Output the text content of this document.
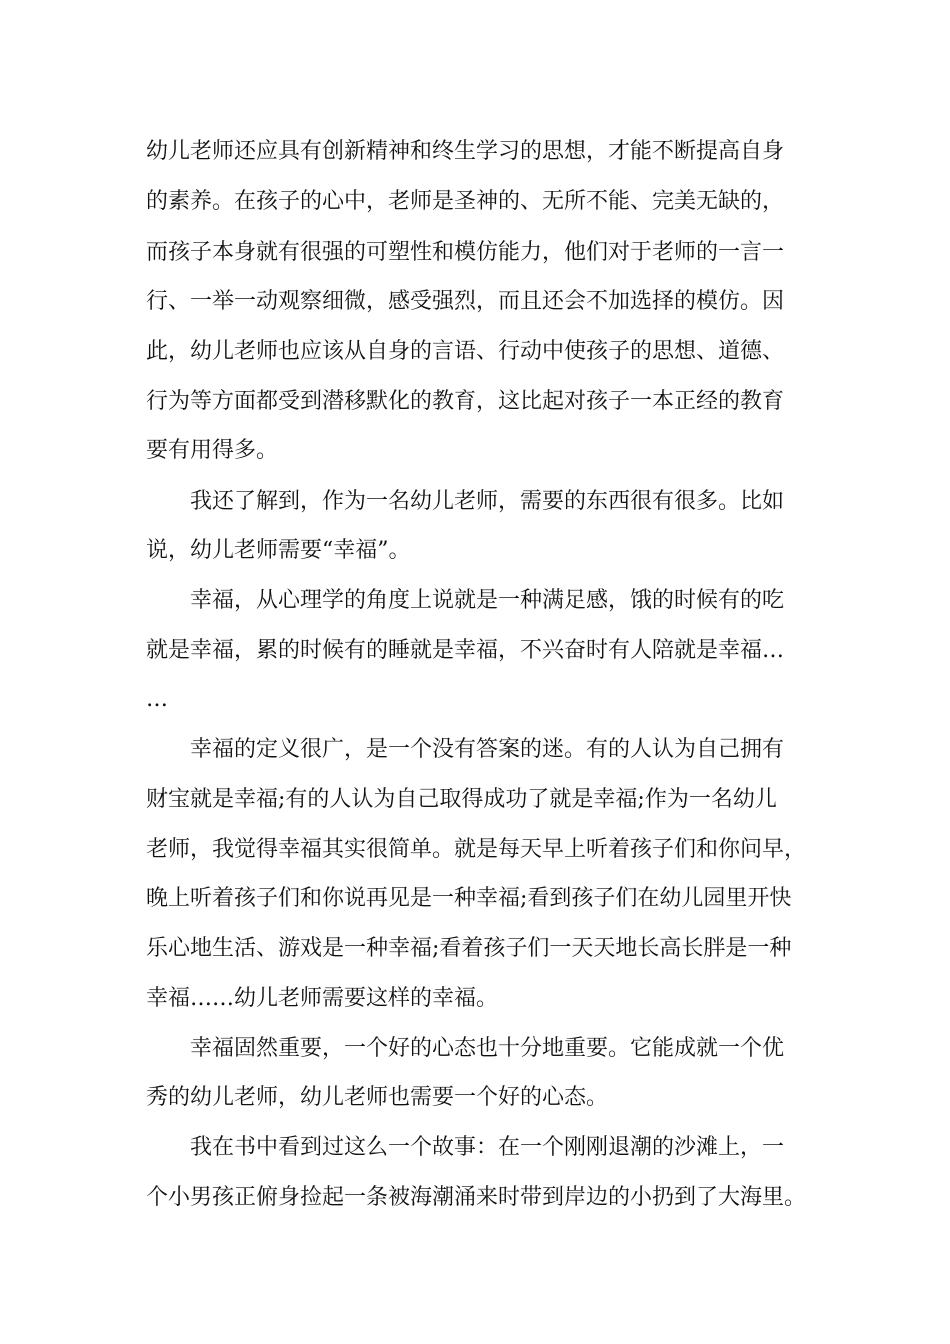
幼儿老师还应具有创新精神和终生学习的思想，才能不断提高自身
的素养。在孩子的心中，老师是圣神的、无所不能、完美无缺的，
而孩子本身就有很强的可塑性和模仿能力，他们对于老师的一言一
行、一举一动观察细微，感受强烈，而且还会不加选择的模仿。因
此，幼儿老师也应该从自身的言语、行动中使孩子的思想、道德、
行为等方面都受到潜移默化的教育，这比起对孩子一本正经的教育
要有用得多。
我还了解到，作为一名幼儿老师，需要的东西很有很多。比如
说，幼儿老师需要“幸福”。
幸福，从心理学的角度上说就是一种满足感，饿的时候有的吃
就是幸福，累的时候有的睡就是幸福，不兴奋时有人陪就是幸福…
…
幸福的定义很广，是一个没有答案的迷。有的人认为自己拥有
财宝就是幸福;有的人认为自己取得成功了就是幸福;作为一名幼儿
老师，我觉得幸福其实很简单。就是每天早上听着孩子们和你问早，
晚上听着孩子们和你说再见是一种幸福;看到孩子们在幼儿园里开快
乐心地生活、游戏是一种幸福;看着孩子们一天天地长高长胖是一种
幸福……幼儿老师需要这样的幸福。
幸福固然重要，一个好的心态也十分地重要。它能成就一个优
秀的幼儿老师，幼儿老师也需要一个好的心态。
我在书中看到过这么一个故事：在一个刚刚退潮的沙滩上，一
个小男孩正俯身捡起一条被海潮涌来时带到岸边的小扔到了大海里。
